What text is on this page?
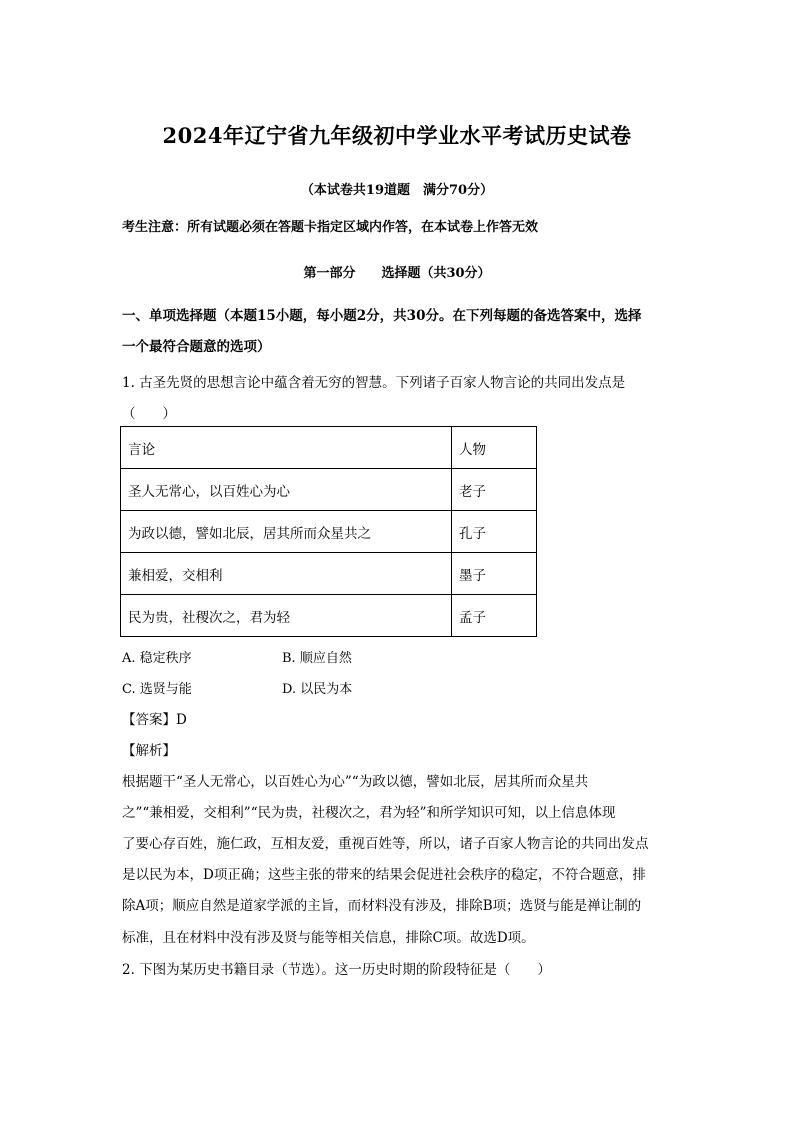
2024年辽宁省九年级初中学业水平考试历史试卷
（本试卷共19道题　满分70分）
考生注意：所有试题必须在答题卡指定区域内作答，在本试卷上作答无效
第一部分　　选择题（共30分）
一、单项选择题（本题15小题，每小题2分，共30分。在下列每题的备选答案中，选择
一个最符合题意的选项）
1. 古圣先贤的思想言论中蕴含着无穷的智慧。下列诸子百家人物言论的共同出发点是
（　　）
言论	人物
圣人无常心，以百姓心为心	老子
为政以德，譬如北辰，居其所而众星共之	孔子
兼相爱，交相利	墨子
民为贵，社稷次之，君为轻	孟子
A. 稳定秩序	B. 顺应自然
C. 选贤与能	D. 以民为本
【答案】D
【解析】
根据题干“圣人无常心，以百姓心为心”“为政以德，譬如北辰，居其所而众星共
之”“兼相爱，交相利”“民为贵，社稷次之，君为轻”和所学知识可知，以上信息体现
了要心存百姓，施仁政，互相友爱，重视百姓等，所以，诸子百家人物言论的共同出发点
是以民为本，D项正确；这些主张的带来的结果会促进社会秩序的稳定，不符合题意，排
除A项；顺应自然是道家学派的主旨，而材料没有涉及，排除B项；选贤与能是禅让制的
标准，且在材料中没有涉及贤与能等相关信息，排除C项。故选D项。
2. 下图为某历史书籍目录（节选）。这一历史时期的阶段特征是（　　）
